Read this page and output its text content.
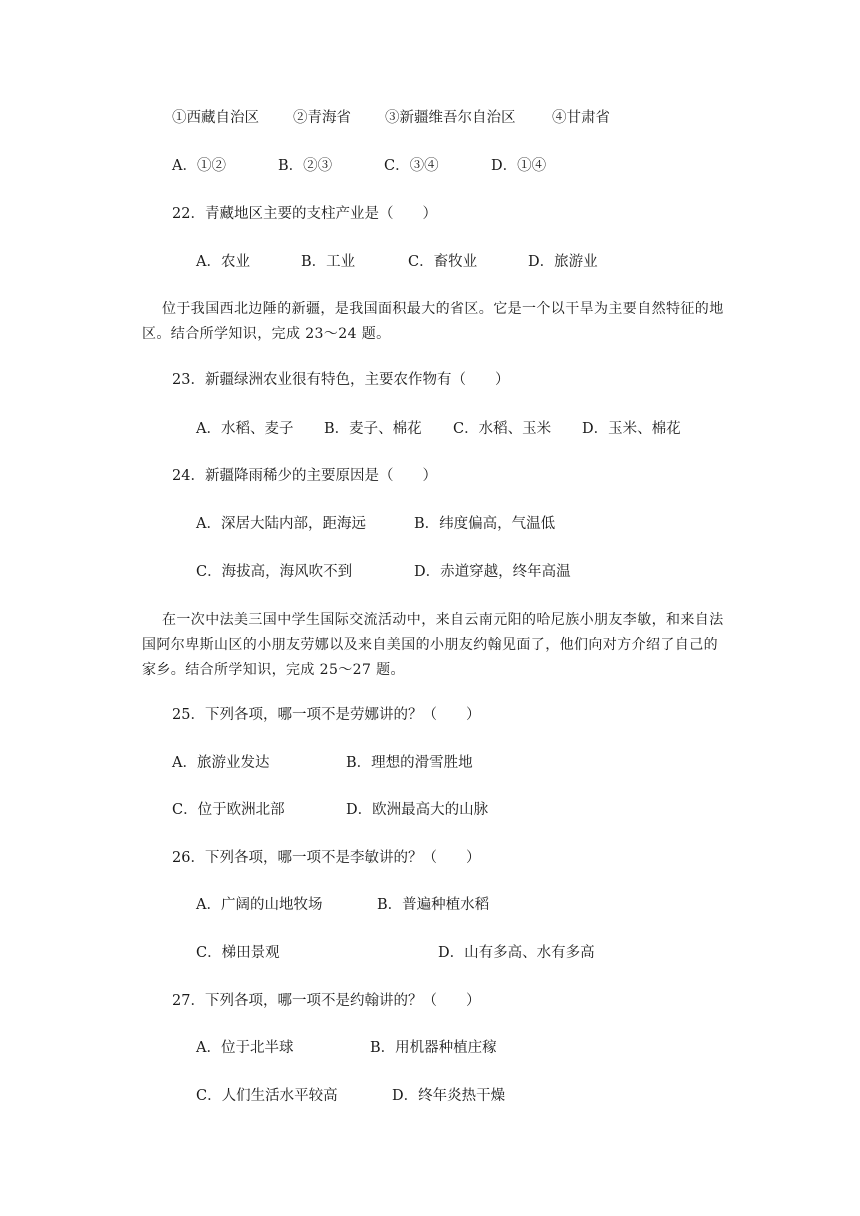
①西藏自治区 ②青海省 ③新疆维吾尔自治区	④甘肃省
A．①②	B．②③	C．③④	D．①④
22．青藏地区主要的支柱产业是（　　）
A．农业	B．工业	C．畜牧业	D．旅游业
位于我国西北边陲的新疆，是我国面积最大的省区。它是一个以干旱为主要自然特征的地区。结合所学知识，完成 23～24 题。
23．新疆绿洲农业很有特色，主要农作物有（　　）
A．水稻、麦子 B．麦子、棉花 C．水稻、玉米 D．玉米、棉花
24．新疆降雨稀少的主要原因是（　　）
A．深居大陆内部，距海远	B．纬度偏高，气温低
C．海拔高，海风吹不到	D．赤道穿越，终年高温
在一次中法美三国中学生国际交流活动中，来自云南元阳的哈尼族小朋友李敏，和来自法国阿尔卑斯山区的小朋友劳娜以及来自美国的小朋友约翰见面了，他们向对方介绍了自己的家乡。结合所学知识，完成 25～27 题。
25．下列各项，哪一项不是劳娜讲的？（　　）
A．旅游业发达	B．理想的滑雪胜地
C．位于欧洲北部	D．欧洲最高大的山脉
26．下列各项，哪一项不是李敏讲的？（　　）
A．广阔的山地牧场	B．普遍种植水稻
C．梯田景观	D．山有多高、水有多高
27．下列各项，哪一项不是约翰讲的？（　　）
A．位于北半球	B．用机器种植庄稼
C．人们生活水平较高	D．终年炎热干燥
